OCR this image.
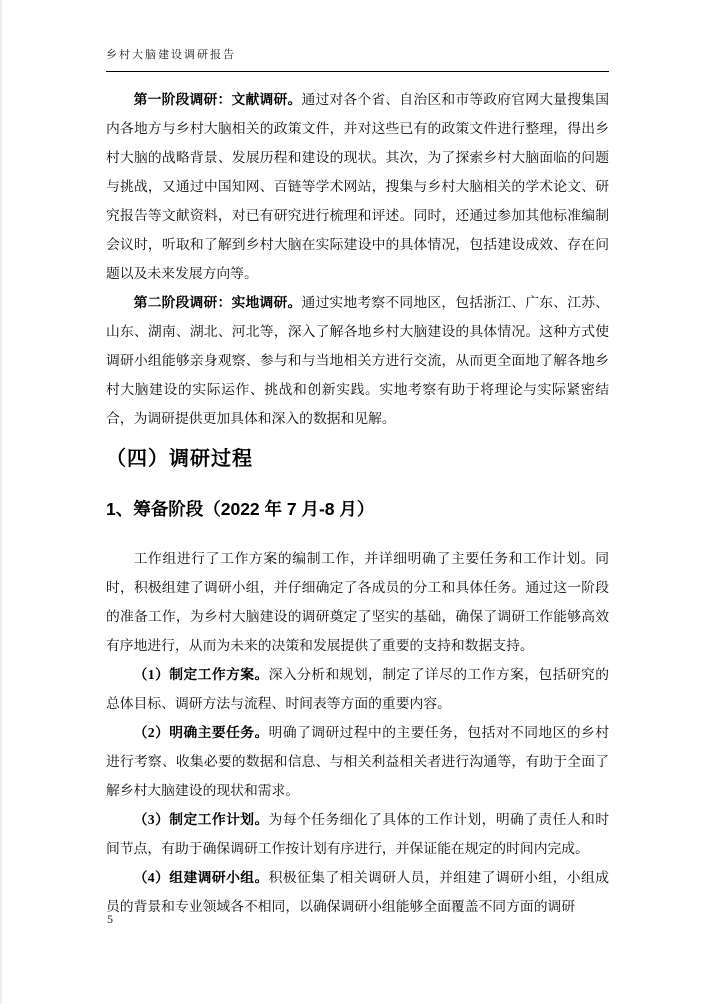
乡村大脑建设调研报告

第一阶段调研：文献调研。通过对各个省、自治区和市等政府官网大量搜集国内各地方与乡村大脑相关的政策文件，并对这些已有的政策文件进行整理，得出乡村大脑的战略背景、发展历程和建设的现状。其次，为了探索乡村大脑面临的问题与挑战，又通过中国知网、百链等学术网站，搜集与乡村大脑相关的学术论文、研究报告等文献资料，对已有研究进行梳理和评述。同时，还通过参加其他标准编制会议时，听取和了解到乡村大脑在实际建设中的具体情况，包括建设成效、存在问题以及未来发展方向等。

第二阶段调研：实地调研。通过实地考察不同地区，包括浙江、广东、江苏、山东、湖南、湖北、河北等，深入了解各地乡村大脑建设的具体情况。这种方式使调研小组能够亲身观察、参与和与当地相关方进行交流，从而更全面地了解各地乡村大脑建设的实际运作、挑战和创新实践。实地考察有助于将理论与实际紧密结合，为调研提供更加具体和深入的数据和见解。

（四）调研过程
1、筹备阶段（2022 年 7 月-8 月）

工作组进行了工作方案的编制工作，并详细明确了主要任务和工作计划。同时，积极组建了调研小组，并仔细确定了各成员的分工和具体任务。通过这一阶段的准备工作，为乡村大脑建设的调研奠定了坚实的基础，确保了调研工作能够高效有序地进行，从而为未来的决策和发展提供了重要的支持和数据支持。

（1）制定工作方案。深入分析和规划，制定了详尽的工作方案，包括研究的总体目标、调研方法与流程、时间表等方面的重要内容。

（2）明确主要任务。明确了调研过程中的主要任务，包括对不同地区的乡村进行考察、收集必要的数据和信息、与相关利益相关者进行沟通等，有助于全面了解乡村大脑建设的现状和需求。

（3）制定工作计划。为每个任务细化了具体的工作计划，明确了责任人和时间节点，有助于确保调研工作按计划有序进行，并保证能在规定的时间内完成。

（4）组建调研小组。积极征集了相关调研人员，并组建了调研小组，小组成员的背景和专业领域各不相同，以确保调研小组能够全面覆盖不同方面的调研

5
